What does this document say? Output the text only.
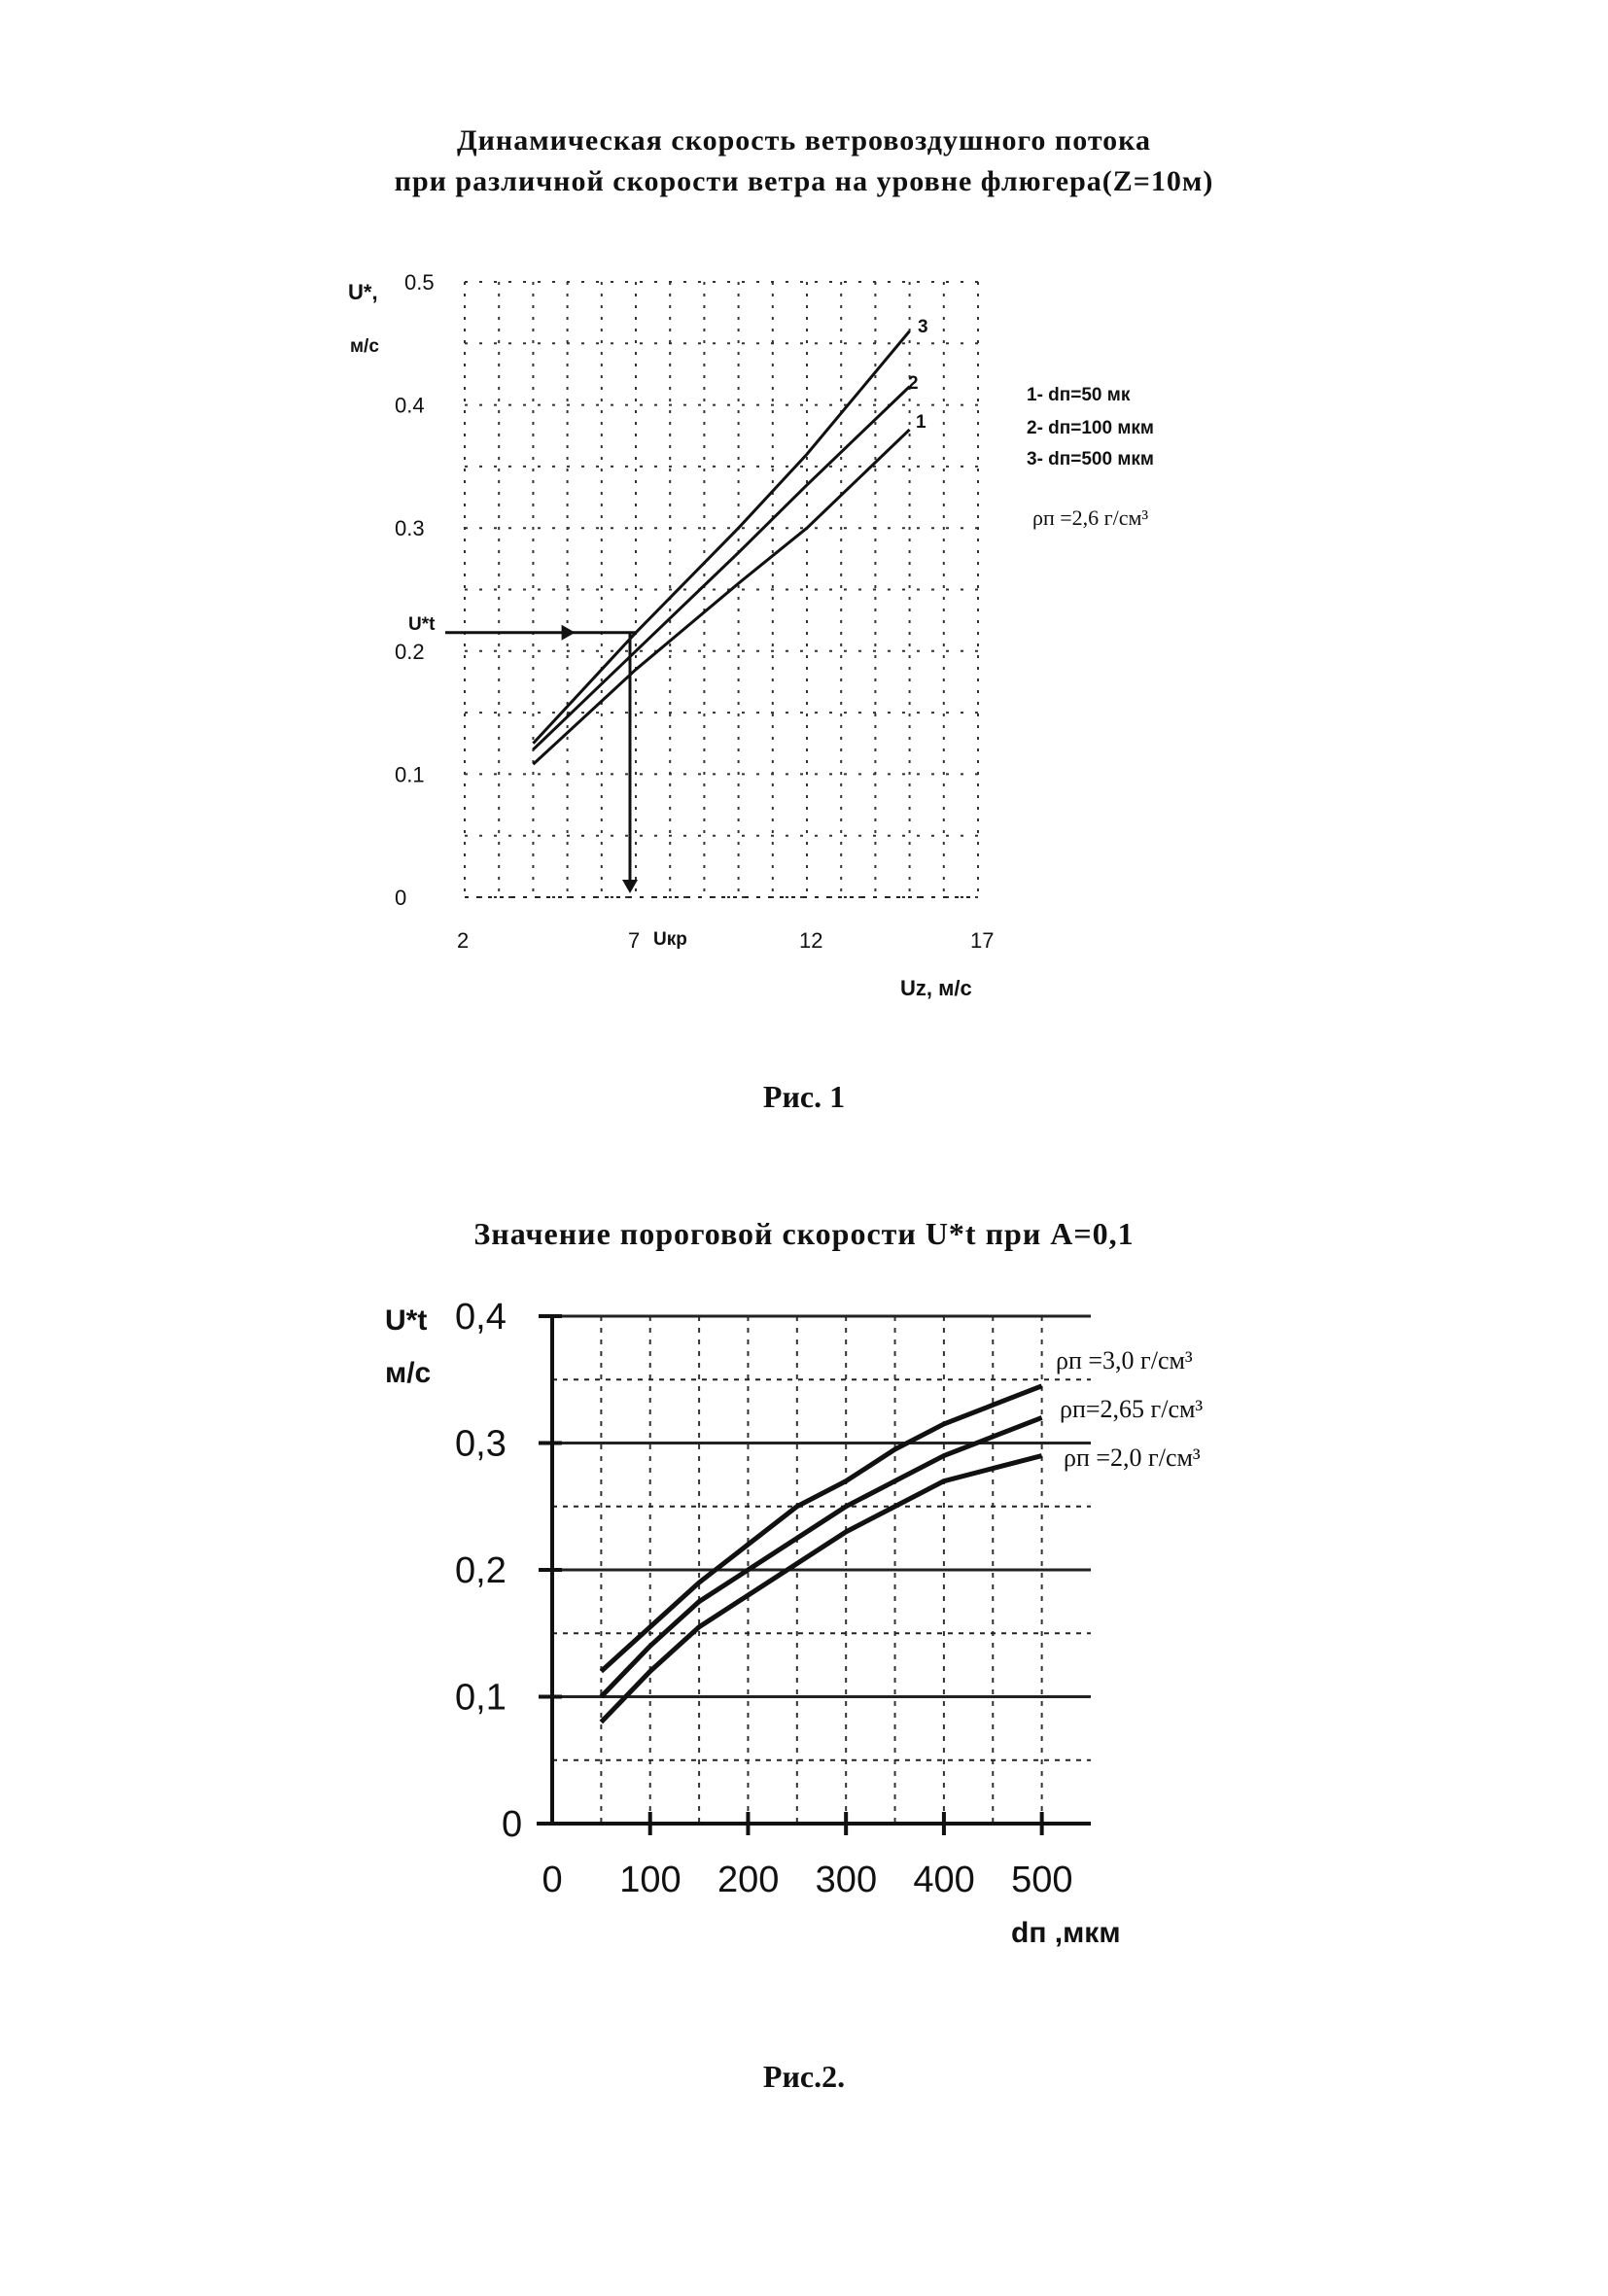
Динамическая скорость ветровоздушного потока
при различной скорости ветра на уровне флюгера(Z=10м)
2	7	12	17
0
0.1
0.2
0.3
0.4
0.5
U*,
м/с
Uz, м/с
Uкр
U*t
1- dп=50 мк
2- dп=100 мкм
3- dп=500 мкм
ρп =2,6 г/см³
1
2
3
Рис. 1
Значение пороговой скорости U*t при A=0,1
0 100 200 300 400 500
0
0,1
0,2
0,3
0,4
U*t
м/с
dп ,мкм
ρп =3,0 г/см³
ρп=2,65 г/см³
ρп =2,0 г/см³
Рис.2.
